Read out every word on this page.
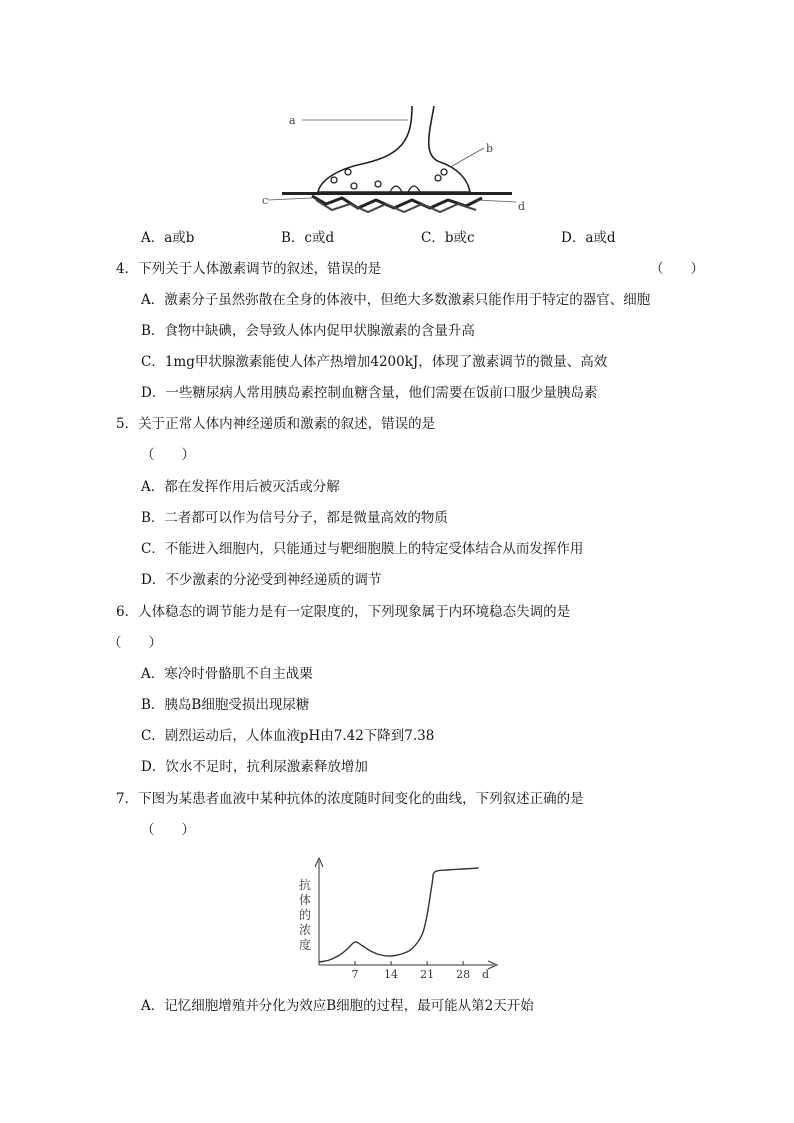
a
b
c	d
A．a或b	B．c或d	C．b或c	D．a或d
4．下列关于人体激素调节的叙述，错误的是	（　　）
A．激素分子虽然弥散在全身的体液中，但绝大多数激素只能作用于特定的器官、细胞
B．食物中缺碘，会导致人体内促甲状腺激素的含量升高
C．1mg甲状腺激素能使人体产热增加4200kJ，体现了激素调节的微量、高效
D．一些糖尿病人常用胰岛素控制血糖含量，他们需要在饭前口服少量胰岛素
5．关于正常人体内神经递质和激素的叙述，错误的是
（　　）
A．都在发挥作用后被灭活或分解
B．二者都可以作为信号分子，都是微量高效的物质
C．不能进入细胞内，只能通过与靶细胞膜上的特定受体结合从而发挥作用
D．不少激素的分泌受到神经递质的调节
6．人体稳态的调节能力是有一定限度的，下列现象属于内环境稳态失调的是
（　　）
A．寒冷时骨骼肌不自主战栗
B．胰岛B细胞受损出现尿糖
C．剧烈运动后，人体血液pH由7.42下降到7.38
D．饮水不足时，抗利尿激素释放增加
7．下图为某患者血液中某种抗体的浓度随时间变化的曲线，下列叙述正确的是
（　　）
抗
体
的
浓
度
7 14 21 28 d
A．记忆细胞增殖并分化为效应B细胞的过程，最可能从第2天开始
